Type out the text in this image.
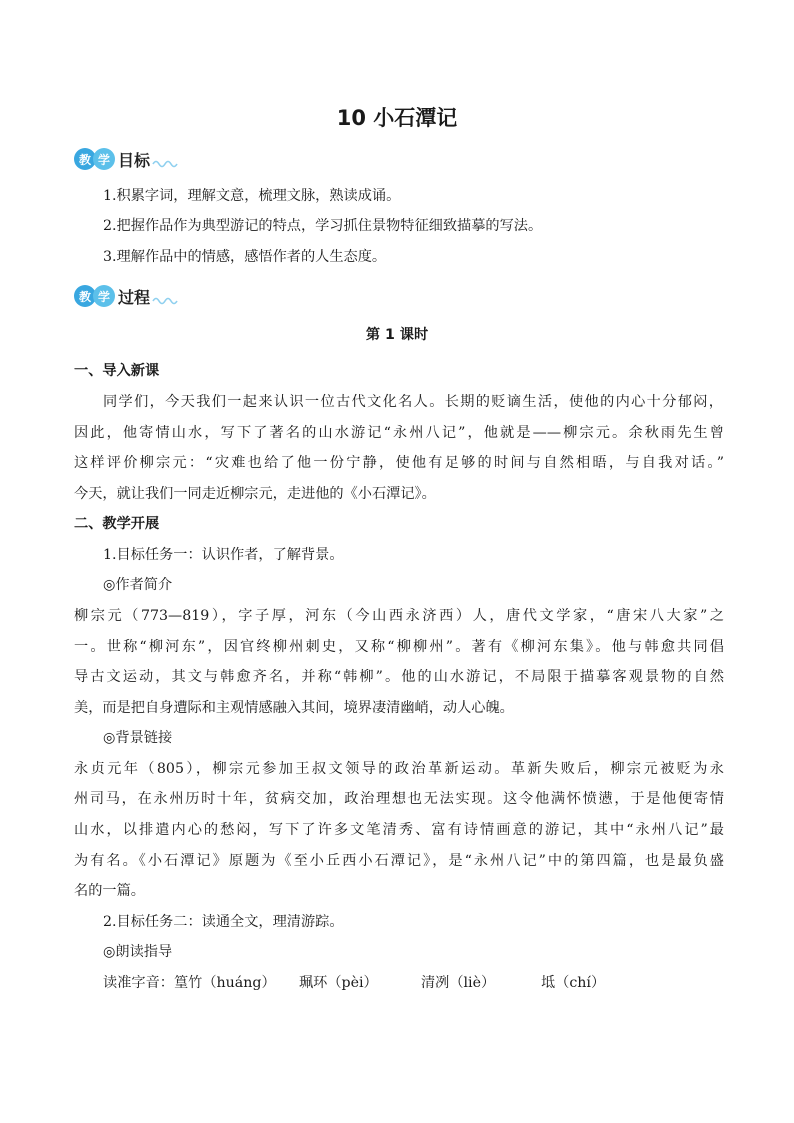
10 小石潭记
教 学 目标
1.积累字词，理解文意，梳理文脉，熟读成诵。
2.把握作品作为典型游记的特点，学习抓住景物特征细致描摹的写法。
3.理解作品中的情感，感悟作者的人生态度。
教 学 过程
第 1 课时
一、导入新课
同学们，今天我们一起来认识一位古代文化名人。长期的贬谪生活，使他的内心十分郁闷，
因此，他寄情山水，写下了著名的山水游记“永州八记”，他就是——柳宗元。余秋雨先生曾
这样评价柳宗元：“灾难也给了他一份宁静，使他有足够的时间与自然相晤，与自我对话。”
今天，就让我们一同走近柳宗元，走进他的《小石潭记》。
二、教学开展
1.目标任务一：认识作者，了解背景。
◎作者简介
柳宗元（773—819），字子厚，河东（今山西永济西）人，唐代文学家，“唐宋八大家”之
一。世称“柳河东”，因官终柳州刺史，又称“柳柳州”。著有《柳河东集》。他与韩愈共同倡
导古文运动，其文与韩愈齐名，并称“韩柳”。他的山水游记，不局限于描摹客观景物的自然
美，而是把自身遭际和主观情感融入其间，境界凄清幽峭，动人心魄。
◎背景链接
永贞元年（805），柳宗元参加王叔文领导的政治革新运动。革新失败后，柳宗元被贬为永
州司马，在永州历时十年，贫病交加，政治理想也无法实现。这令他满怀愤懑，于是他便寄情
山水，以排遣内心的愁闷，写下了许多文笔清秀、富有诗情画意的游记，其中“永州八记”最
为有名。《小石潭记》原题为《至小丘西小石潭记》，是“永州八记”中的第四篇，也是最负盛
名的一篇。
2.目标任务二：读通全文，理清游踪。
◎朗读指导
读准字音：篁竹（huáng） 珮环（pèi）	清冽（liè）	坻（chí）
